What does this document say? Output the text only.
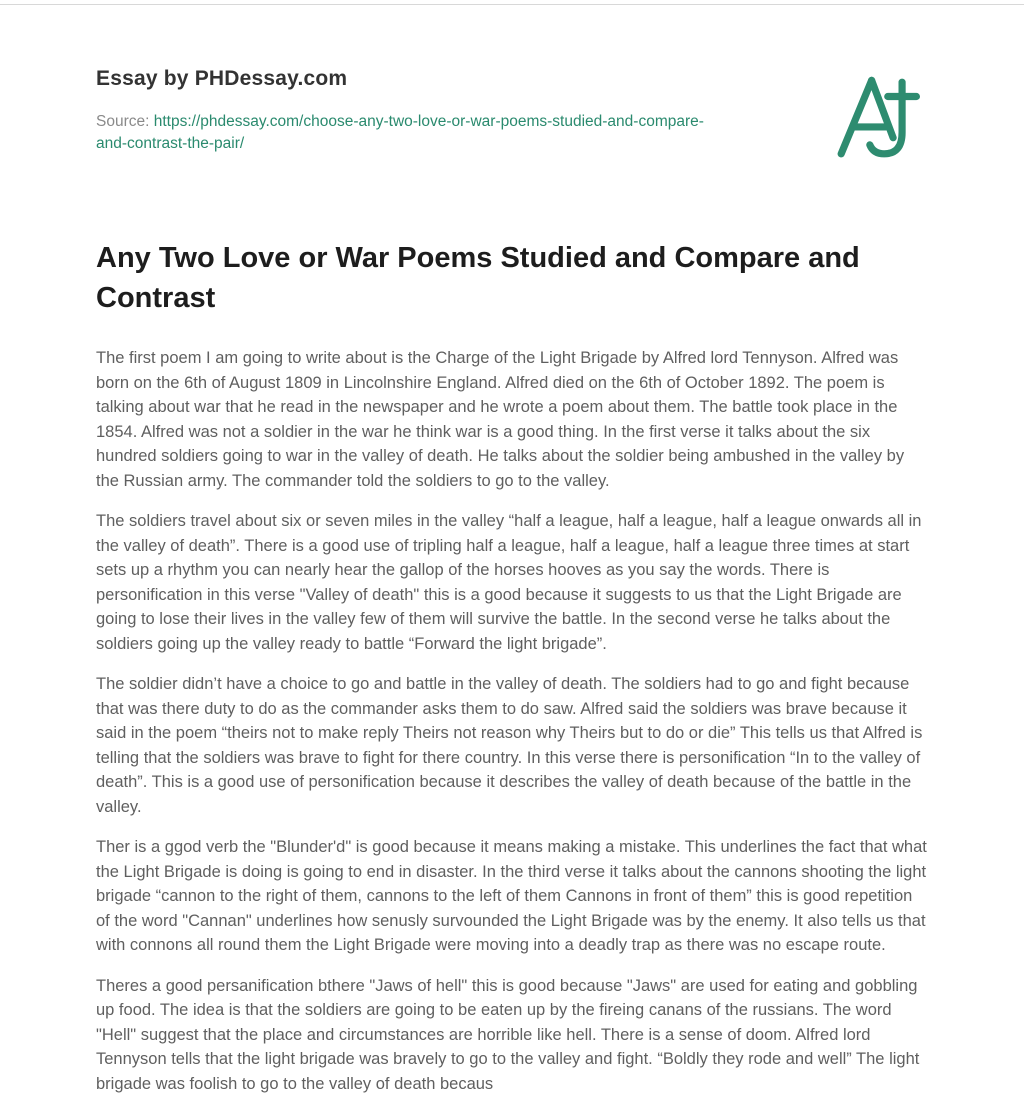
Essay by PHDessay.com
Source: https://phdessay.com/choose-any-two-love-or-war-poems-studied-and-compare-and-contrast-the-pair/
Any Two Love or War Poems Studied and Compare and Contrast

The first poem I am going to write about is the Charge of the Light Brigade by Alfred lord Tennyson. Alfred was born on the 6th of August 1809 in Lincolnshire England. Alfred died on the 6th of October 1892. The poem is talking about war that he read in the newspaper and he wrote a poem about them. The battle took place in the 1854. Alfred was not a soldier in the war he think war is a good thing. In the first verse it talks about the six hundred soldiers going to war in the valley of death. He talks about the soldier being ambushed in the valley by the Russian army. The commander told the soldiers to go to the valley.

The soldiers travel about six or seven miles in the valley “half a league, half a league, half a league onwards all in the valley of death”. There is a good use of tripling half a league, half a league, half a league three times at start sets up a rhythm you can nearly hear the gallop of the horses hooves as you say the words. There is personification in this verse "Valley of death" this is a good because it suggests to us that the Light Brigade are going to lose their lives in the valley few of them will survive the battle. In the second verse he talks about the soldiers going up the valley ready to battle “Forward the light brigade”.

The soldier didn’t have a choice to go and battle in the valley of death. The soldiers had to go and fight because that was there duty to do as the commander asks them to do saw. Alfred said the soldiers was brave because it said in the poem “theirs not to make reply Theirs not reason why Theirs but to do or die” This tells us that Alfred is telling that the soldiers was brave to fight for there country. In this verse there is personification “In to the valley of death”. This is a good use of personification because it describes the valley of death because of the battle in the valley.

Ther is a ggod verb the "Blunder'd" is good because it means making a mistake. This underlines the fact that what the Light Brigade is doing is going to end in disaster. In the third verse it talks about the cannons shooting the light brigade “cannon to the right of them, cannons to the left of them Cannons in front of them” this is good repetition of the word "Cannan" underlines how senusly survounded the Light Brigade was by the enemy. It also tells us that with connons all round them the Light Brigade were moving into a deadly trap as there was no escape route.

Theres a good persanification bthere "Jaws of hell" this is good because "Jaws" are used for eating and gobbling up food. The idea is that the soldiers are going to be eaten up by the fireing canans of the russians. The word "Hell" suggest that the place and circumstances are horrible like hell. There is a sense of doom. Alfred lord Tennyson tells that the light brigade was bravely to go to the valley and fight. “Boldly they rode and well” The light brigade was foolish to go to the valley of death becaus
